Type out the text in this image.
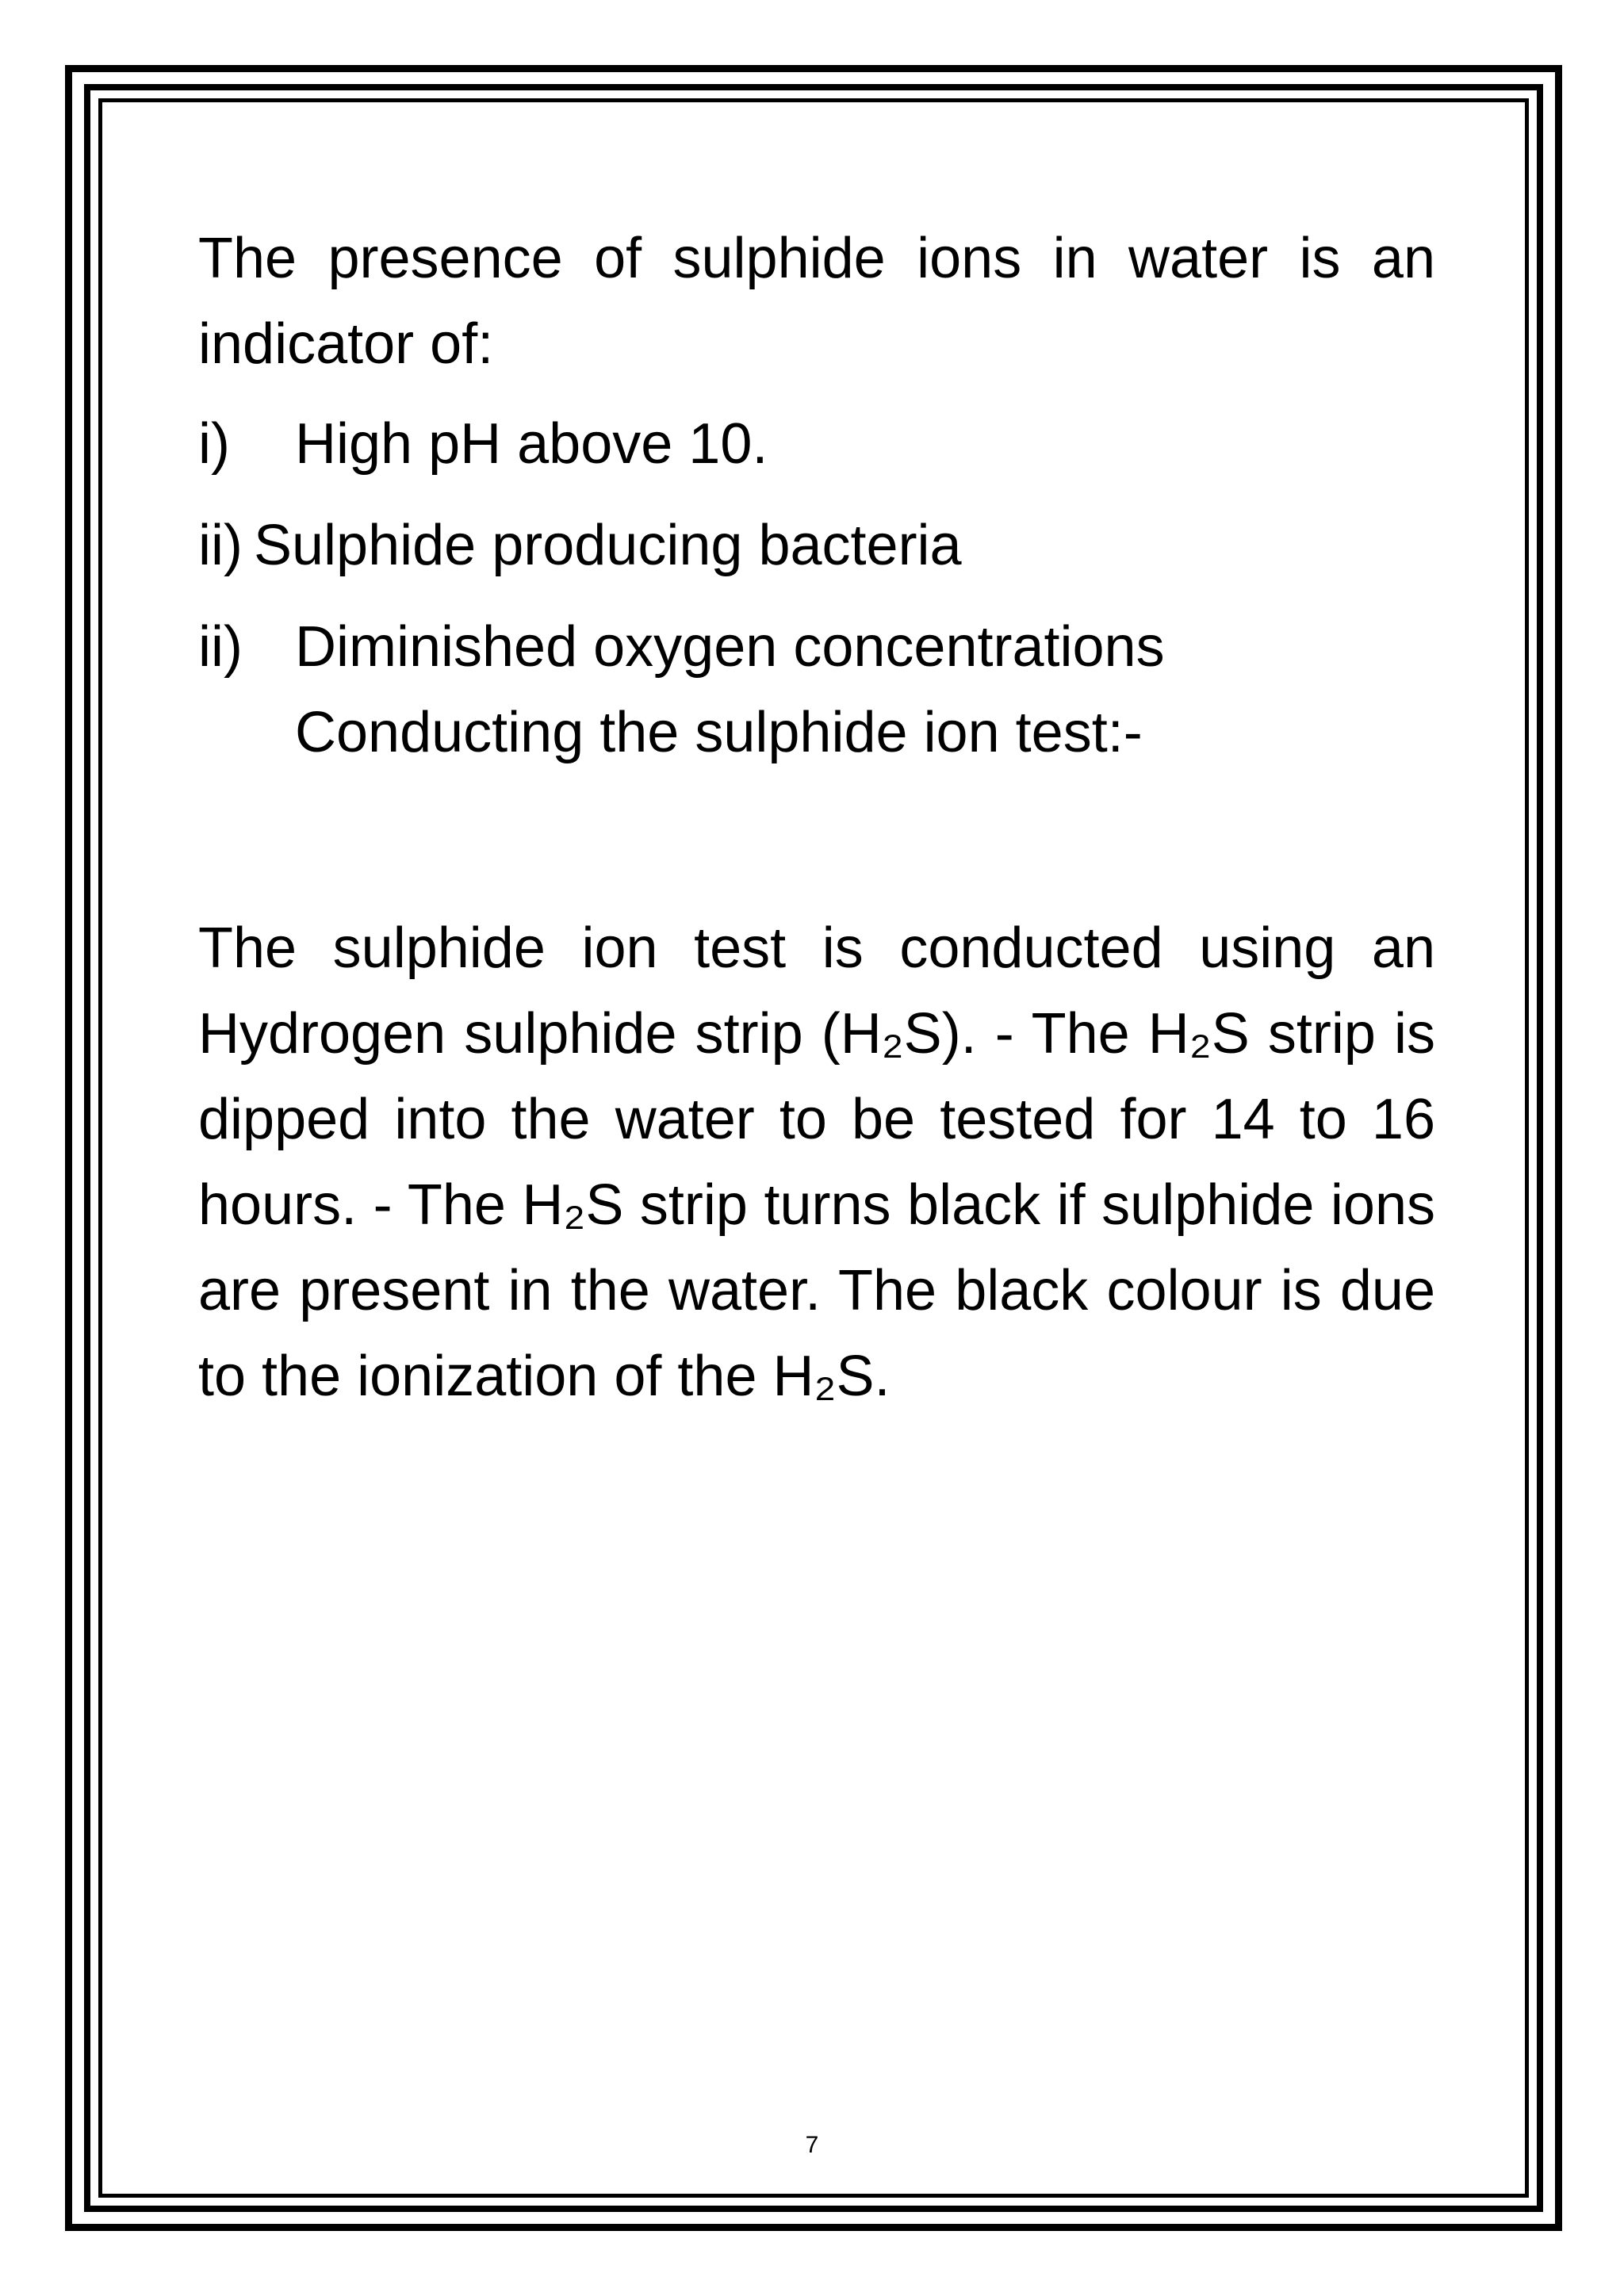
The presence of sulphide ions in water is an indicator of:

i)	High pH above 10.
ii) Sulphide producing bacteria
ii) Diminished oxygen concentrations
Conducting the sulphide ion test:-

The sulphide ion test is conducted using an Hydrogen sulphide strip (H₂S). - The H₂S strip is dipped into the water to be tested for 14 to 16 hours. - The H₂S strip turns black if sulphide ions are present in the water. The black colour is due to the ionization of the H₂S.

7
